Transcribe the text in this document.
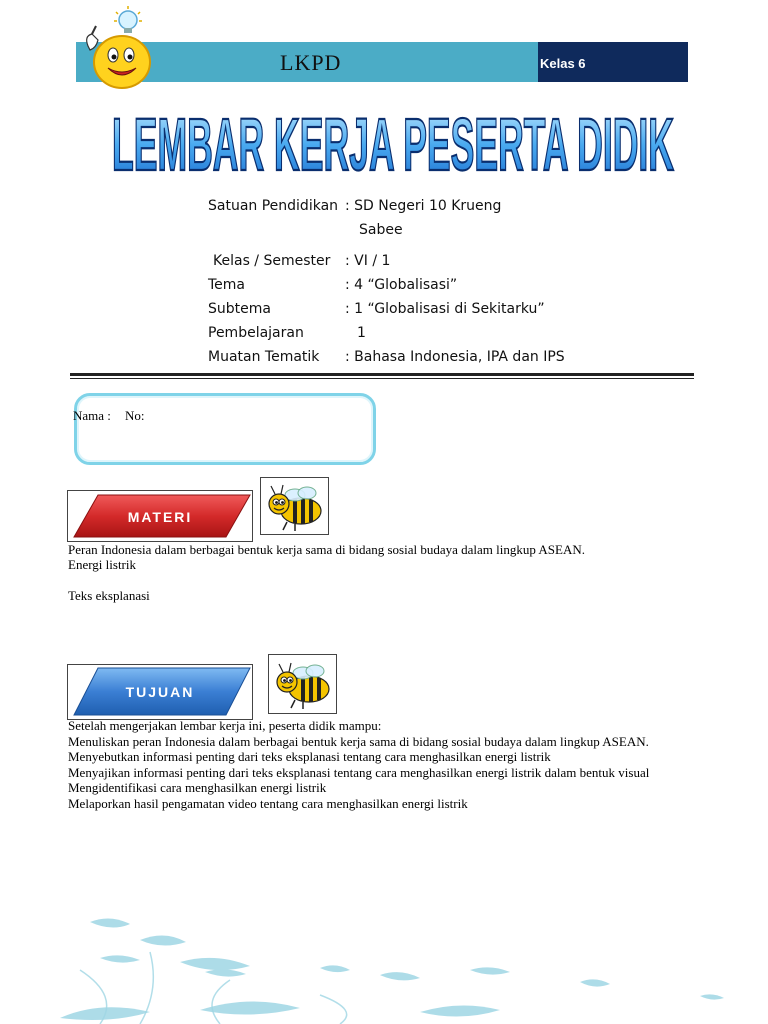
LKPD	Kelas 6
LEMBAR KERJA PESERTA DIDIK
Satuan Pendidikan : SD Negeri 10 Krueng
Sabee
Kelas / Semester : VI / 1
Tema	: 4 “Globalisasi”
Subtema	: 1 “Globalisasi di Sekitarku”
Pembelajaran	1
Muatan Tematik : Bahasa Indonesia, IPA dan IPS
Nama : No:
MATERI
Peran Indonesia dalam berbagai bentuk kerja sama di bidang sosial budaya dalam lingkup ASEAN.
Energi listrik
Teks eksplanasi
TUJUAN
Setelah mengerjakan lembar kerja ini, peserta didik mampu:
Menuliskan peran Indonesia dalam berbagai bentuk kerja sama di bidang sosial budaya dalam lingkup ASEAN.
Menyebutkan informasi penting dari teks eksplanasi tentang cara menghasilkan energi listrik
Menyajikan informasi penting dari teks eksplanasi tentang cara menghasilkan energi listrik dalam bentuk visual
Mengidentifikasi cara menghasilkan energi listrik
Melaporkan hasil pengamatan video tentang cara menghasilkan energi listrik
